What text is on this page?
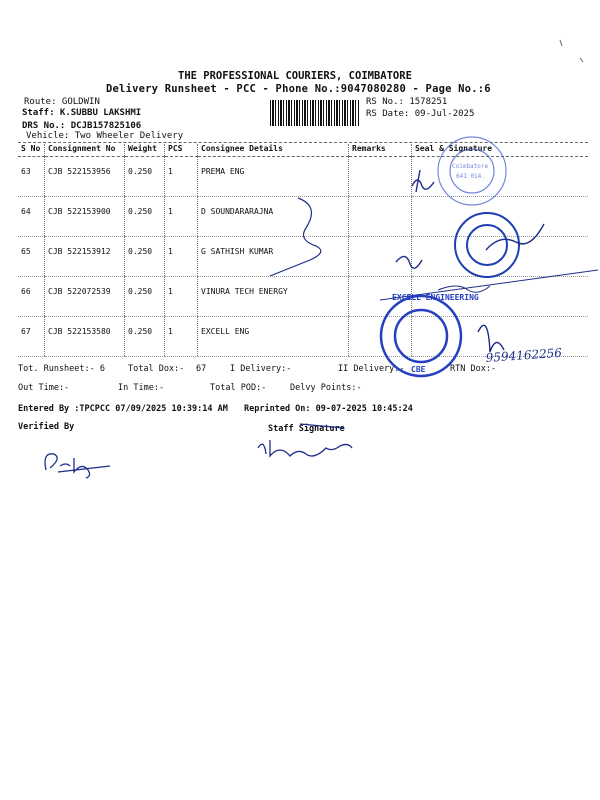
THE PROFESSIONAL COURIERS, COIMBATORE
Delivery Runsheet - PCC - Phone No.:9047080280 - Page No.:6
Route: GOLDWIN
Staff: K.SUBBU LAKSHMI
DRS No.: DCJB157825106
Vehicle: Two Wheeler Delivery
RS No.: 1578251
RS Date: 09-Jul-2025
S No	Consignment No	Weight	PCS	Consignee Details	Remarks	Seal & Signature
63	CJB 522153956	0.250	1	PREMA ENG		
64	CJB 522153900	0.250	1	D SOUNDARARAJNA		
65	CJB 522153912	0.250	1	G SATHISH KUMAR		
66	CJB 522072539	0.250	1	VINURA TECH ENERGY		
67	CJB 522153580	0.250	1	EXCELL ENG		
Tot. Runsheet:- 6	Total Dox:- 67	I Delivery:-	II Delivery:-	RTN Dox:-
Out Time:-	In Time:-	Total POD:-	Delvy Points:-
Entered By :TPCPCC 07/09/2025 10:39:14 AM Reprinted On: 09-07-2025 10:45:24
Verified By	Staff Signature
Coimbatore
641 014.
EXCELL ENGINEERING
CBE
9594162256
